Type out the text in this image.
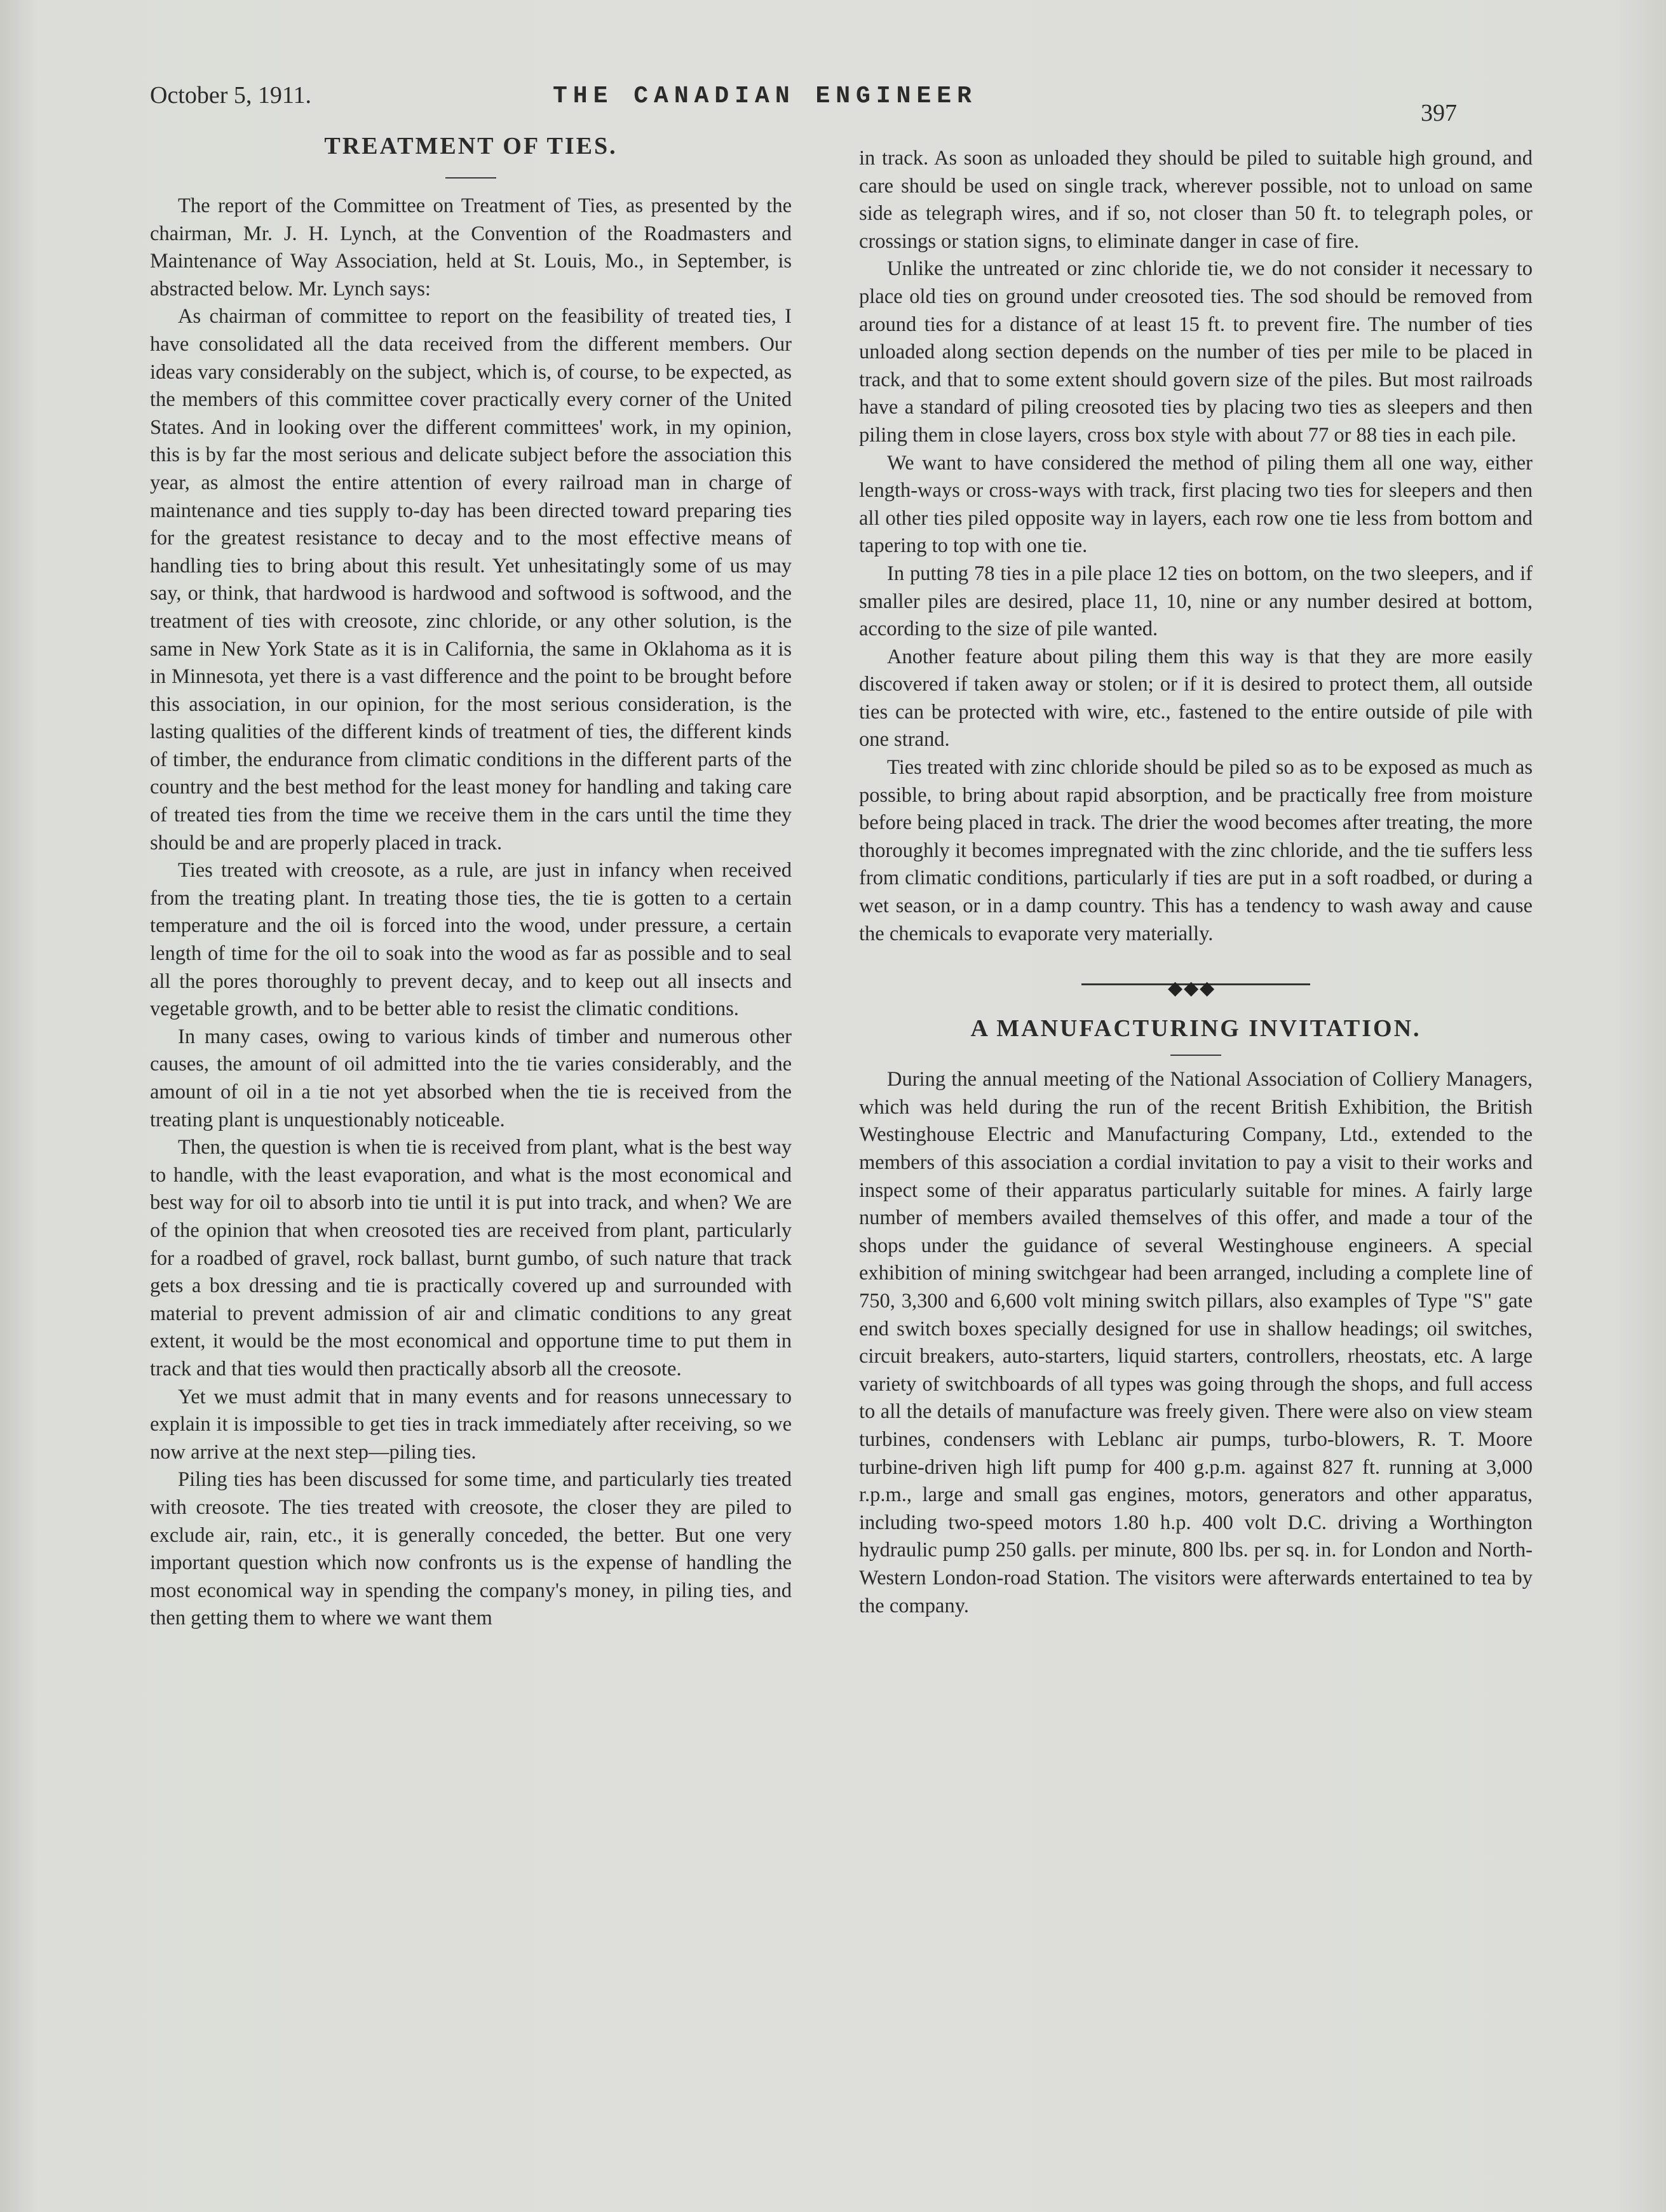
October 5, 1911.	THE CANADIAN ENGINEER
397
TREATMENT OF TIES.

The report of the Committee on Treatment of Ties, as presented by the chairman, Mr. J. H. Lynch, at the Convention of the Roadmasters and Maintenance of Way Association, held at St. Louis, Mo., in September, is abstracted below. Mr. Lynch says:

As chairman of committee to report on the feasibility of treated ties, I have consolidated all the data received from the different members. Our ideas vary considerably on the subject, which is, of course, to be expected, as the members of this committee cover practically every corner of the United States. And in looking over the different committees' work, in my opinion, this is by far the most serious and delicate subject before the association this year, as almost the entire attention of every railroad man in charge of maintenance and ties supply to-day has been directed toward preparing ties for the greatest resistance to decay and to the most effective means of handling ties to bring about this result. Yet unhesitatingly some of us may say, or think, that hardwood is hardwood and softwood is softwood, and the treatment of ties with creosote, zinc chloride, or any other solution, is the same in New York State as it is in California, the same in Oklahoma as it is in Minnesota, yet there is a vast difference and the point to be brought before this association, in our opinion, for the most serious consideration, is the lasting qualities of the different kinds of treatment of ties, the different kinds of timber, the endurance from climatic conditions in the different parts of the country and the best method for the least money for handling and taking care of treated ties from the time we receive them in the cars until the time they should be and are properly placed in track.

Ties treated with creosote, as a rule, are just in infancy when received from the treating plant. In treating those ties, the tie is gotten to a certain temperature and the oil is forced into the wood, under pressure, a certain length of time for the oil to soak into the wood as far as possible and to seal all the pores thoroughly to prevent decay, and to keep out all insects and vegetable growth, and to be better able to resist the climatic conditions.

In many cases, owing to various kinds of timber and numerous other causes, the amount of oil admitted into the tie varies considerably, and the amount of oil in a tie not yet absorbed when the tie is received from the treating plant is unquestionably noticeable.

Then, the question is when tie is received from plant, what is the best way to handle, with the least evaporation, and what is the most economical and best way for oil to absorb into tie until it is put into track, and when? We are of the opinion that when creosoted ties are received from plant, particularly for a roadbed of gravel, rock ballast, burnt gumbo, of such nature that track gets a box dressing and tie is practically covered up and surrounded with material to prevent admission of air and climatic conditions to any great extent, it would be the most economical and opportune time to put them in track and that ties would then practically absorb all the creosote.

Yet we must admit that in many events and for reasons unnecessary to explain it is impossible to get ties in track immediately after receiving, so we now arrive at the next step—piling ties.

Piling ties has been discussed for some time, and particularly ties treated with creosote. The ties treated with creosote, the closer they are piled to exclude air, rain, etc., it is generally conceded, the better. But one very important question which now confronts us is the expense of handling the most economical way in spending the company's money, in piling ties, and then getting them to where we want them

in track. As soon as unloaded they should be piled to suitable high ground, and care should be used on single track, wherever possible, not to unload on same side as telegraph wires, and if so, not closer than 50 ft. to telegraph poles, or crossings or station signs, to eliminate danger in case of fire.

Unlike the untreated or zinc chloride tie, we do not consider it necessary to place old ties on ground under creosoted ties. The sod should be removed from around ties for a distance of at least 15 ft. to prevent fire. The number of ties unloaded along section depends on the number of ties per mile to be placed in track, and that to some extent should govern size of the piles. But most railroads have a standard of piling creosoted ties by placing two ties as sleepers and then piling them in close layers, cross box style with about 77 or 88 ties in each pile.

We want to have considered the method of piling them all one way, either length-ways or cross-ways with track, first placing two ties for sleepers and then all other ties piled opposite way in layers, each row one tie less from bottom and tapering to top with one tie.

In putting 78 ties in a pile place 12 ties on bottom, on the two sleepers, and if smaller piles are desired, place 11, 10, nine or any number desired at bottom, according to the size of pile wanted.

Another feature about piling them this way is that they are more easily discovered if taken away or stolen; or if it is desired to protect them, all outside ties can be protected with wire, etc., fastened to the entire outside of pile with one strand.

Ties treated with zinc chloride should be piled so as to be exposed as much as possible, to bring about rapid absorption, and be practically free from moisture before being placed in track. The drier the wood becomes after treating, the more thoroughly it becomes impregnated with the zinc chloride, and the tie suffers less from climatic conditions, particularly if ties are put in a soft roadbed, or during a wet season, or in a damp country. This has a tendency to wash away and cause the chemicals to evaporate very materially.

◆◆◆
A MANUFACTURING INVITATION.

During the annual meeting of the National Association of Colliery Managers, which was held during the run of the recent British Exhibition, the British Westinghouse Electric and Manufacturing Company, Ltd., extended to the members of this association a cordial invitation to pay a visit to their works and inspect some of their apparatus particularly suitable for mines. A fairly large number of members availed themselves of this offer, and made a tour of the shops under the guidance of several Westinghouse engineers. A special exhibition of mining switchgear had been arranged, including a complete line of 750, 3,300 and 6,600 volt mining switch pillars, also examples of Type "S" gate end switch boxes specially designed for use in shallow headings; oil switches, circuit breakers, auto-starters, liquid starters, controllers, rheostats, etc. A large variety of switchboards of all types was going through the shops, and full access to all the details of manufacture was freely given. There were also on view steam turbines, condensers with Leblanc air pumps, turbo-blowers, R. T. Moore turbine-driven high lift pump for 400 g.p.m. against 827 ft. running at 3,000 r.p.m., large and small gas engines, motors, generators and other apparatus, including two-speed motors 1.80 h.p. 400 volt D.C. driving a Worthington hydraulic pump 250 galls. per minute, 800 lbs. per sq. in. for London and North-Western London-road Station. The visitors were afterwards entertained to tea by the company.
